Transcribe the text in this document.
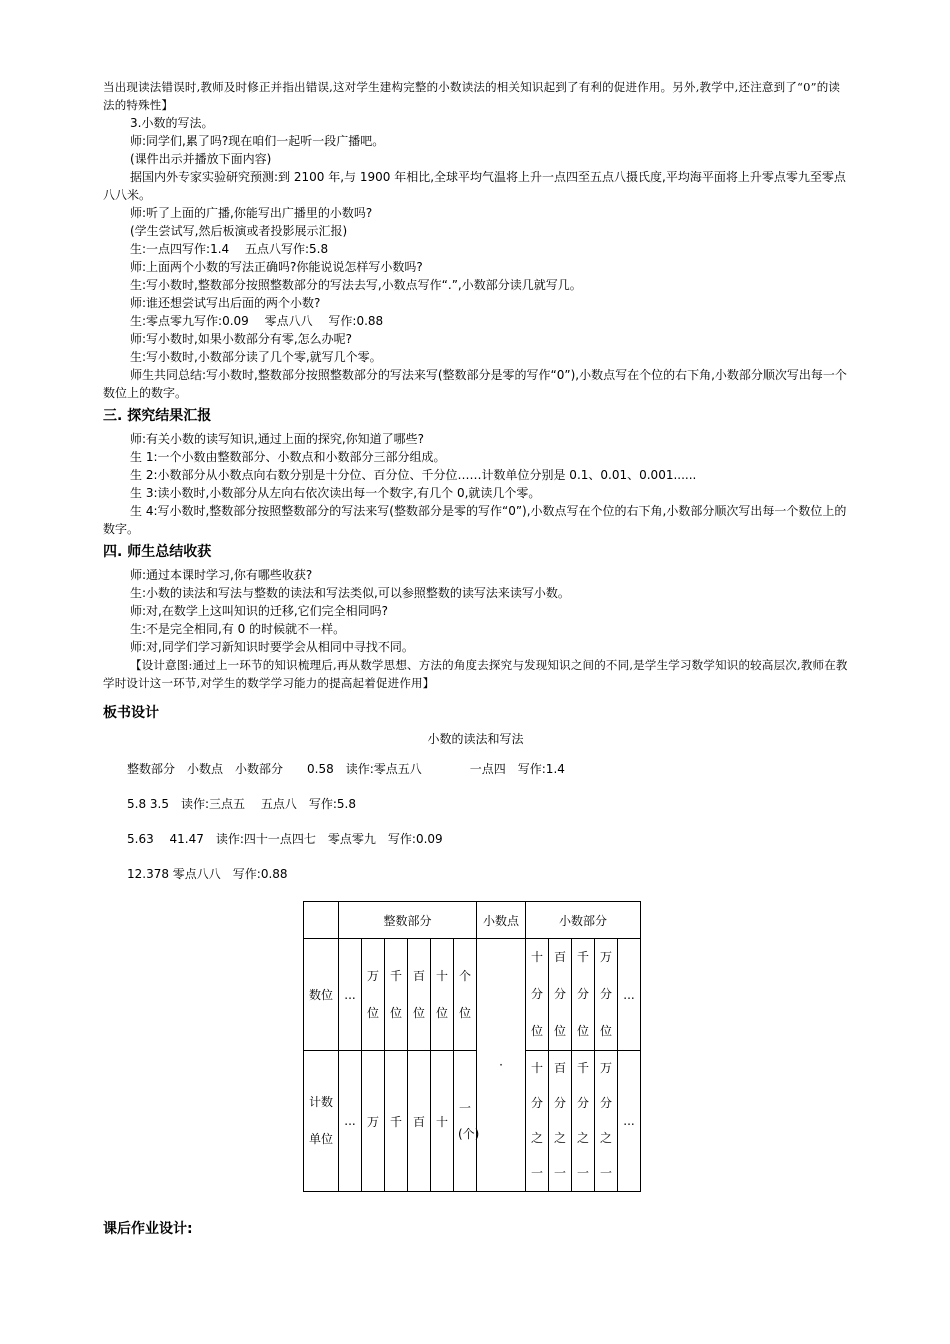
当出现读法错误时,教师及时修正并指出错误,这对学生建构完整的小数读法的相关知识起到了有利的促进作用。另外,教学中,还注意到了“0”的读法的特殊性】

3.小数的写法。

师:同学们,累了吗?现在咱们一起听一段广播吧。

(课件出示并播放下面内容)

据国内外专家实验研究预测:到 2100 年,与 1900 年相比,全球平均气温将上升一点四至五点八摄氏度,平均海平面将上升零点零九至零点八八米。

师:听了上面的广播,你能写出广播里的小数吗?

(学生尝试写,然后板演或者投影展示汇报)

生:一点四写作:1.4　 五点八写作:5.8

师:上面两个小数的写法正确吗?你能说说怎样写小数吗?

生:写小数时,整数部分按照整数部分的写法去写,小数点写作“.”,小数部分读几就写几。

师:谁还想尝试写出后面的两个小数?

生:零点零九写作:0.09　 零点八八　 写作:0.88

师:写小数时,如果小数部分有零,怎么办呢?

生:写小数时,小数部分读了几个零,就写几个零。

师生共同总结:写小数时,整数部分按照整数部分的写法来写(整数部分是零的写作“0”),小数点写在个位的右下角,小数部分顺次写出每一个数位上的数字。

三. 探究结果汇报

师:有关小数的读写知识,通过上面的探究,你知道了哪些?

生 1:一个小数由整数部分、小数点和小数部分三部分组成。

生 2:小数部分从小数点向右数分别是十分位、百分位、千分位……计数单位分别是 0.1、0.01、0.001......

生 3:读小数时,小数部分从左向右依次读出每一个数字,有几个 0,就读几个零。

生 4:写小数时,整数部分按照整数部分的写法来写(整数部分是零的写作“0”),小数点写在个位的右下角,小数部分顺次写出每一个数位上的数字。

四. 师生总结收获

师:通过本课时学习,你有哪些收获?

生:小数的读法和写法与整数的读法和写法类似,可以参照整数的读写法来读写小数。

师:对,在数学上这叫知识的迁移,它们完全相同吗?

生:不是完全相同,有 0 的时候就不一样。

师:对,同学们学习新知识时要学会从相同中寻找不同。

【设计意图:通过上一环节的知识梳理后,再从数学思想、方法的角度去探究与发现知识之间的不同,是学生学习数学知识的较高层次,教师在教学时设计这一环节,对学生的数学学习能力的提高起着促进作用】

板书设计
小数的读法和写法
整数部分　小数点　小数部分　　0.58　读作:零点五八　　　　一点四　写作:1.4
5.8 3.5　读作:三点五　 五点八　写作:5.8
5.63　 41.47　读作:四十一点四七　零点零九　写作:0.09
12.378 零点八八　写作:0.88
	整数部分						小数点	小数部分				
数位	...	万位	千位	百位	十位	个位	·	十分位	百分位	千分位	万分位	...

计数单位	...	万	千	百	十	一(个)		十分之一	百分之一	千分之一	万分之一	...
课后作业设计:
